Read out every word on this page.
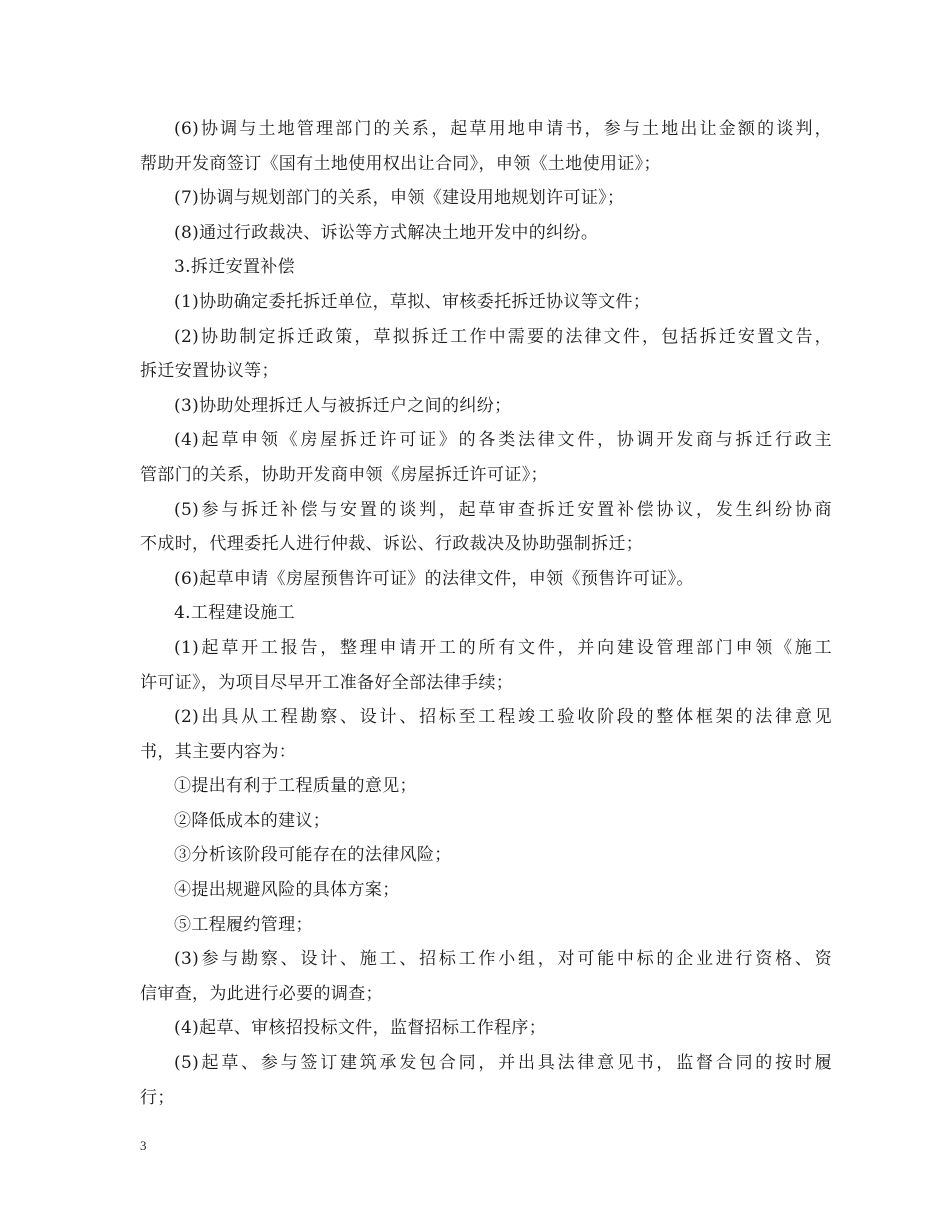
(6)协调与土地管理部门的关系，起草用地申请书，参与土地出让金额的谈判，
帮助开发商签订《国有土地使用权出让合同》，申领《土地使用证》；
(7)协调与规划部门的关系，申领《建设用地规划许可证》；
(8)通过行政裁决、诉讼等方式解决土地开发中的纠纷。
3.拆迁安置补偿
(1)协助确定委托拆迁单位，草拟、审核委托拆迁协议等文件；
(2)协助制定拆迁政策，草拟拆迁工作中需要的法律文件，包括拆迁安置文告，
拆迁安置协议等；
(3)协助处理拆迁人与被拆迁户之间的纠纷；
(4)起草申领《房屋拆迁许可证》的各类法律文件，协调开发商与拆迁行政主
管部门的关系，协助开发商申领《房屋拆迁许可证》；
(5)参与拆迁补偿与安置的谈判，起草审查拆迁安置补偿协议，发生纠纷协商
不成时，代理委托人进行仲裁、诉讼、行政裁决及协助强制拆迁；
(6)起草申请《房屋预售许可证》的法律文件，申领《预售许可证》。
4.工程建设施工
(1)起草开工报告，整理申请开工的所有文件，并向建设管理部门申领《施工
许可证》，为项目尽早开工准备好全部法律手续；
(2)出具从工程勘察、设计、招标至工程竣工验收阶段的整体框架的法律意见
书，其主要内容为：
①提出有利于工程质量的意见；
②降低成本的建议；
③分析该阶段可能存在的法律风险；
④提出规避风险的具体方案；
⑤工程履约管理；
(3)参与勘察、设计、施工、招标工作小组，对可能中标的企业进行资格、资
信审查，为此进行必要的调查；
(4)起草、审核招投标文件，监督招标工作程序；
(5)起草、参与签订建筑承发包合同，并出具法律意见书，监督合同的按时履
行；
3
